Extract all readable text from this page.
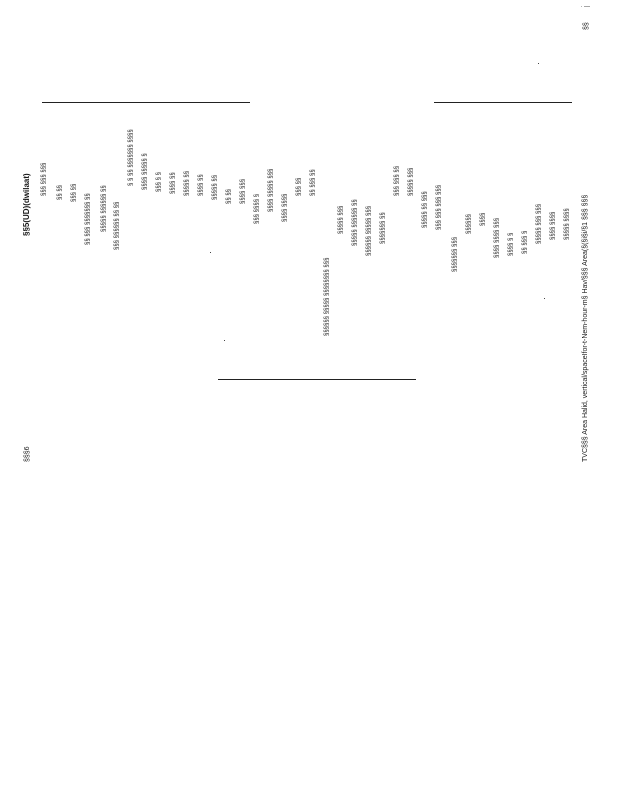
· —
§§
§§5(UD)(dwilaat)
§§§6
§§§ §§§ §§§ §§ §§ §§§ §§
§§ §§§ §§§§§§§ §§ §§§§§ §§§§§§ §§ §§§ §§§§§§ §§ §§
§ § §§ §§§§§§§ §§§§ §§§§ §§§§§ § §§§ § § §§§§ §§ §§§§§ §§ §§§§ §§ §§§§§ §§ §§ §§ §§§§ §§§
§§§ §§§§ § §§§§ §§§§§ §§§ §§§§ §§§§
§§§ §§ §§ §§§ §§
§§§§§§ §§§§§ §§§§§§§§ §§§
§§§§§ §§§ §§§§§ §§§§§§ §§ §§§§§§ §§§§§ §§§ §§§§§§§ §§
§§§ §§§ §§ §§§§§ §§§
§§§§§ §§ §§§ §§§ §§§ §§§ §§§
§§§§§§§ §§§
§§§§§§ §§§§ §§§§ §§§§ §§§ §§§§ § § §§ §§§ § §§§§§ §§§ §§§ §§§§ §§§§ §§§§§ §§§§ TVC§§§ Area Halid, vertical/spaceIfor-t-Nem-hour-m§ Hav/§§§ Area(§(§i§i/§1 §§§ §§§
